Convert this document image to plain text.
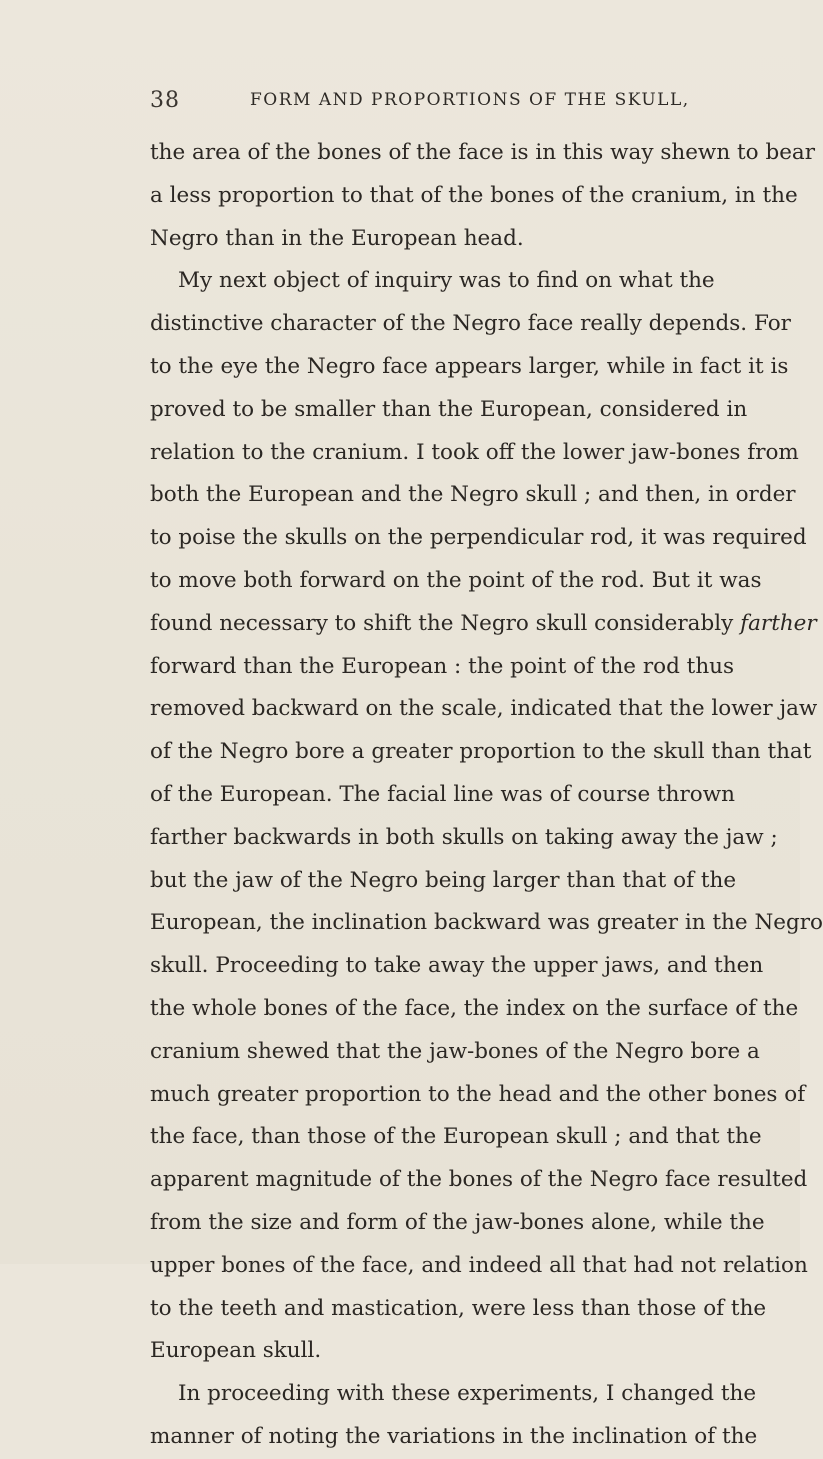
38	FORM AND PROPORTIONS OF THE SKULL,
the area of the bones of the face is in this way shewn to bear
a less proportion to that of the bones of the cranium, in the
Negro than in the European head.
My next object of inquiry was to find on what the
distinctive character of the Negro face really depends. For
to the eye the Negro face appears larger, while in fact it is
proved to be smaller than the European, considered in
relation to the cranium. I took off the lower jaw-bones from
both the European and the Negro skull ; and then, in order
to poise the skulls on the perpendicular rod, it was required
to move both forward on the point of the rod. But it was
found necessary to shift the Negro skull considerably farther
forward than the European : the point of the rod thus
removed backward on the scale, indicated that the lower jaw
of the Negro bore a greater proportion to the skull than that
of the European. The facial line was of course thrown
farther backwards in both skulls on taking away the jaw ;
but the jaw of the Negro being larger than that of the
European, the inclination backward was greater in the Negro
skull. Proceeding to take away the upper jaws, and then
the whole bones of the face, the index on the surface of the
cranium shewed that the jaw-bones of the Negro bore a
much greater proportion to the head and the other bones of
the face, than those of the European skull ; and that the
apparent magnitude of the bones of the Negro face resulted
from the size and form of the jaw-bones alone, while the
upper bones of the face, and indeed all that had not relation
to the teeth and mastication, were less than those of the
European skull.
In proceeding with these experiments, I changed the
manner of noting the variations in the inclination of the
